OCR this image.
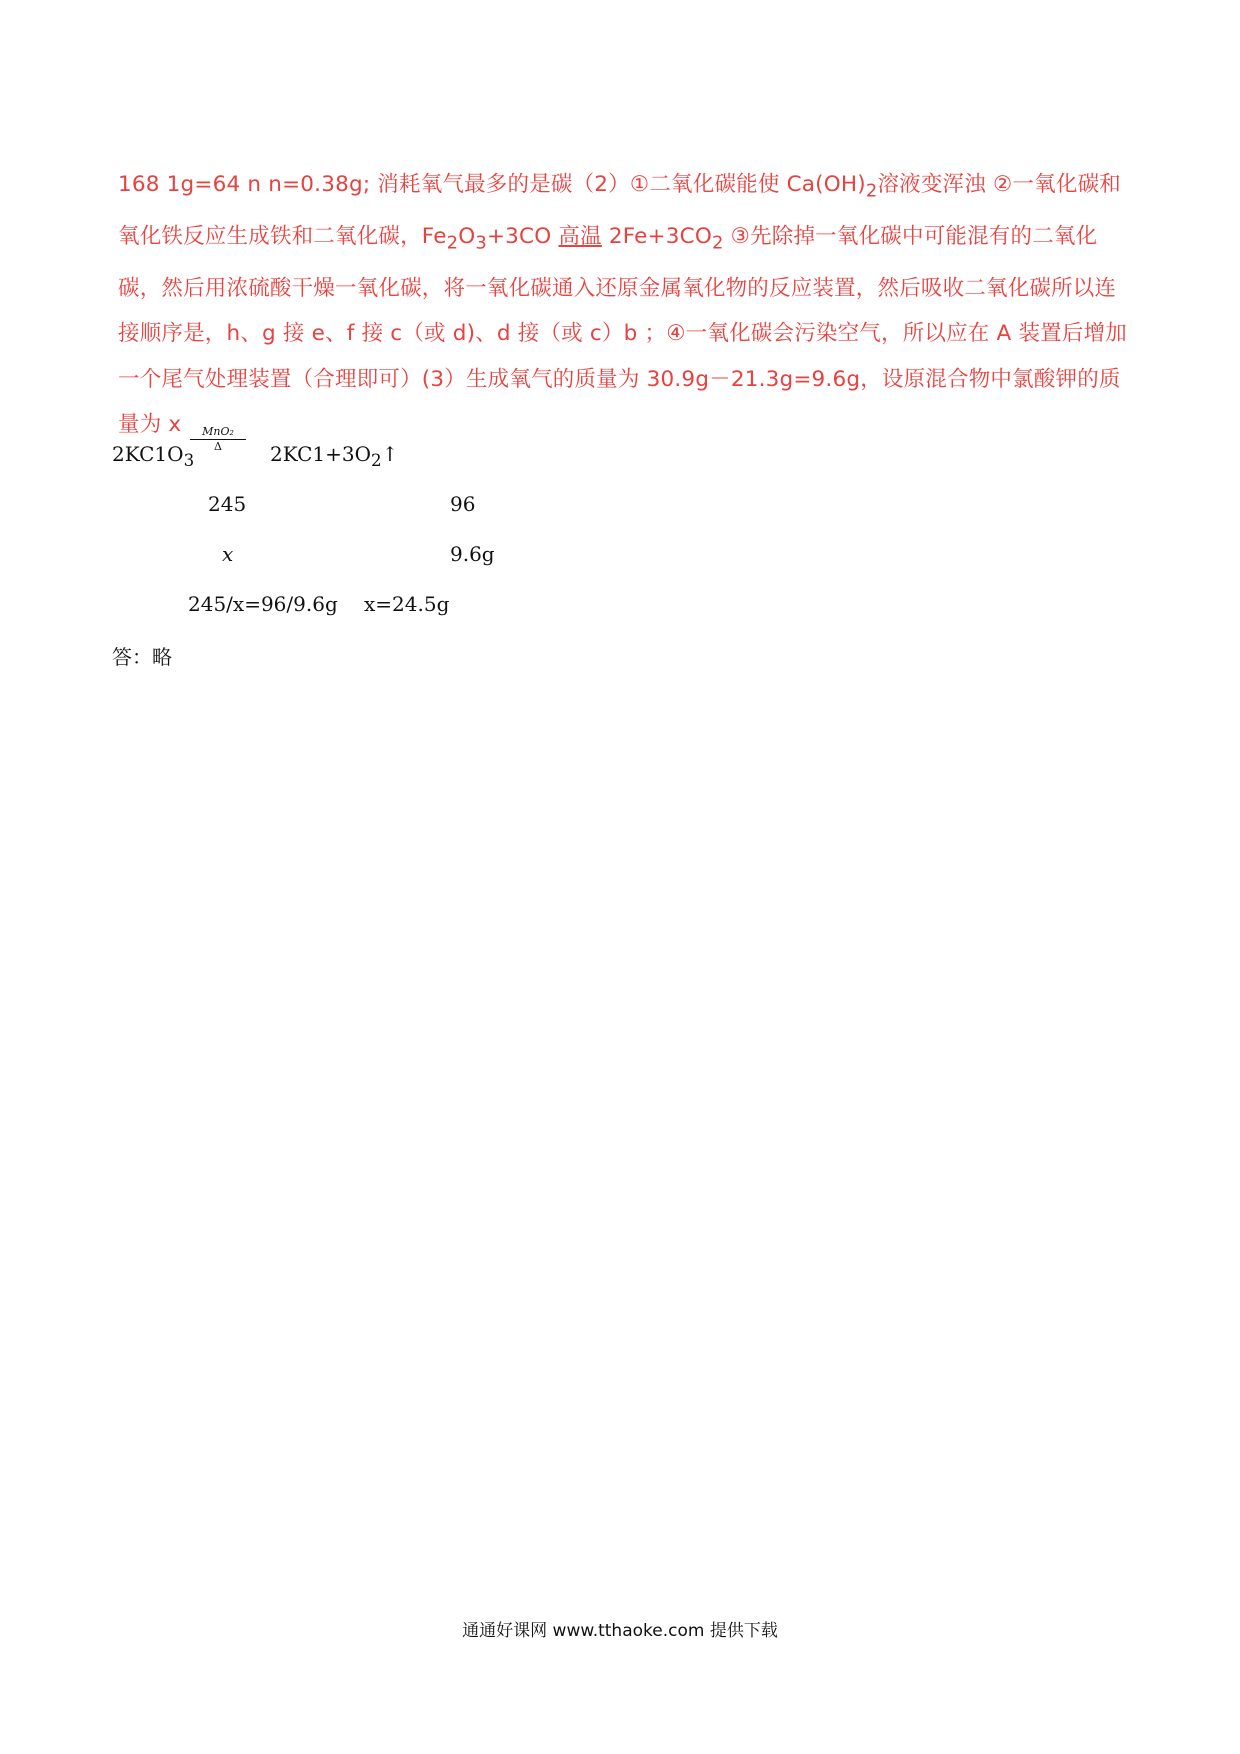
168 1g=64 n n=0.38g; 消耗氧气最多的是碳（2）①二氧化碳能使 $Ca(OH)_2$溶液变浑浊 ②一氧化碳和氧化铁反应生成铁和二氧化碳，$Fe_2O_3+3CO$ 高温 $2Fe+3CO_2$ ③先除掉一氧化碳中可能混有的二氧化碳，然后用浓硫酸干燥一氧化碳，将一氧化碳通入还原金属氧化物的反应装置，然后吸收二氧化碳所以连接顺序是，h、g 接 e、f 接 c（或 d)、d 接（或 c）b ；④一氧化碳会污染空气，所以应在 A 装置后增加一个尾气处理装置（合理即可）(3）生成氧气的质量为 30.9g－21.3g=9.6g，设原混合物中氯酸钾的质量为 x
$2KC1O_3$
MnO₂
Δ	$2KC1+3O_2↑$
245	96
x	9.6g
245/x=96/9.6g x=24.5g
答：略
通通好课网 www.tthaoke.com 提供下载
